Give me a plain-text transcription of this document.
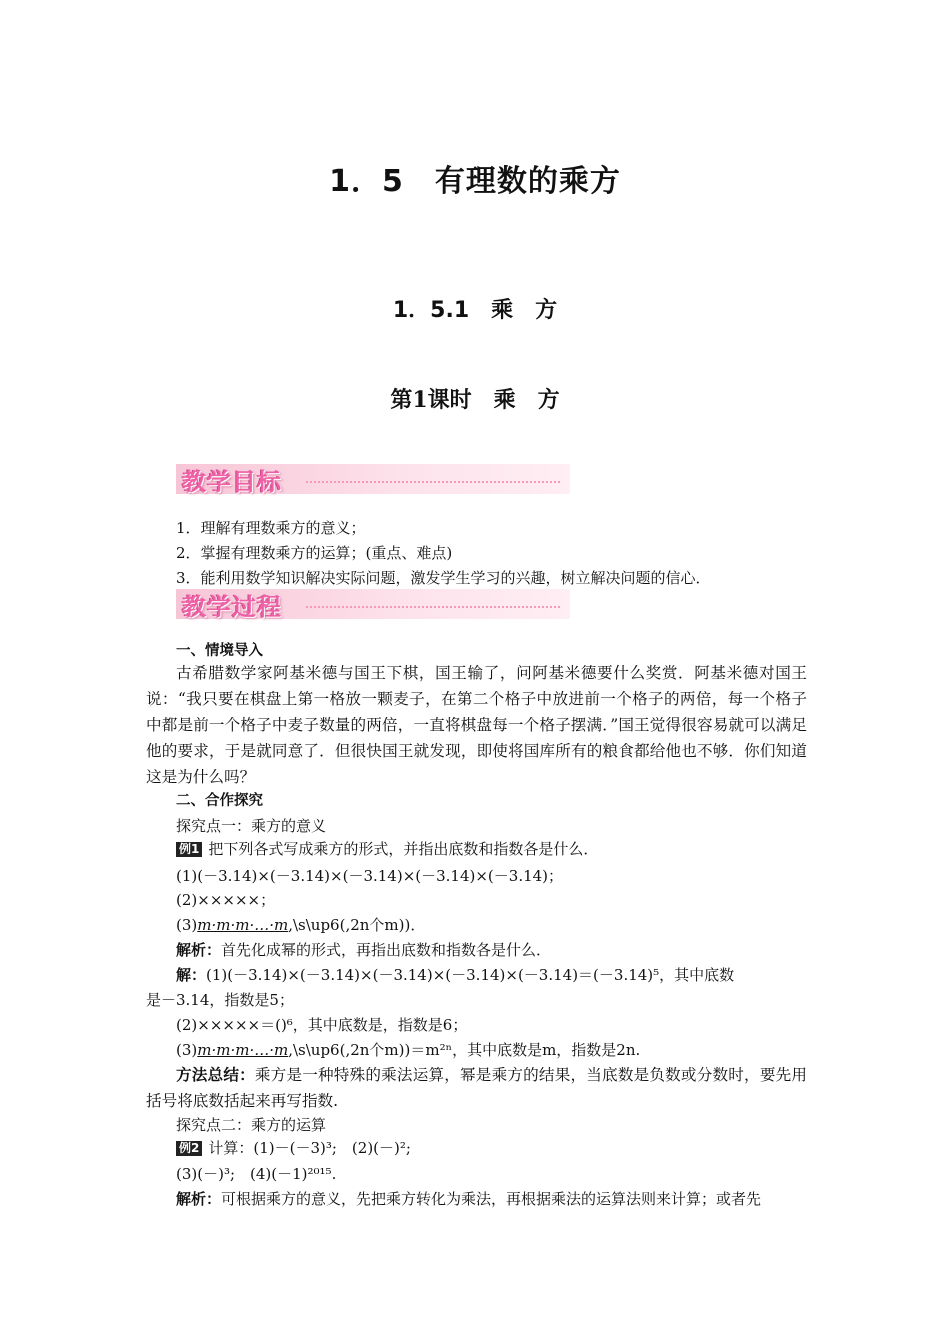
1．5　有理数的乘方
1．5.1　乘　方
第1课时　乘　方
教学目标
1．理解有理数乘方的意义；
2．掌握有理数乘方的运算；(重点、难点)
3．能利用数学知识解决实际问题，激发学生学习的兴趣，树立解决问题的信心．
教学过程
一、情境导入
古希腊数学家阿基米德与国王下棋，国王输了，问阿基米德要什么奖赏．阿基米德对国王说：“我只要在棋盘上第一格放一颗麦子，在第二个格子中放进前一个格子的两倍，每一个格子中都是前一个格子中麦子数量的两倍，一直将棋盘每一个格子摆满．”国王觉得很容易就可以满足他的要求，于是就同意了．但很快国王就发现，即使将国库所有的粮食都给他也不够．你们知道这是为什么吗？
二、合作探究
探究点一：乘方的意义
例1 把下列各式写成乘方的形式，并指出底数和指数各是什么．
(1)(－3.14)×(－3.14)×(－3.14)×(－3.14)×(－3.14)；
(2)×××××；
(3)m·m·m·…·m,\s\up6(,2n个m))．
解析：首先化成幂的形式，再指出底数和指数各是什么．
解：(1)(－3.14)×(－3.14)×(－3.14)×(－3.14)×(－3.14)＝(－3.14)⁵，其中底数
是－3.14，指数是5；
(2)×××××＝()⁶，其中底数是，指数是6；
(3)m·m·m·…·m,\s\up6(,2n个m))＝m²ⁿ，其中底数是m，指数是2n.
方法总结：乘方是一种特殊的乘法运算，幂是乘方的结果，当底数是负数或分数时，要先用括号将底数括起来再写指数.
探究点二：乘方的运算
例2 计算：(1)－(－3)³;　(2)(－)²;
(3)(－)³;　(4)(－1)²⁰¹⁵.
解析：可根据乘方的意义，先把乘方转化为乘法，再根据乘法的运算法则来计算；或者先
